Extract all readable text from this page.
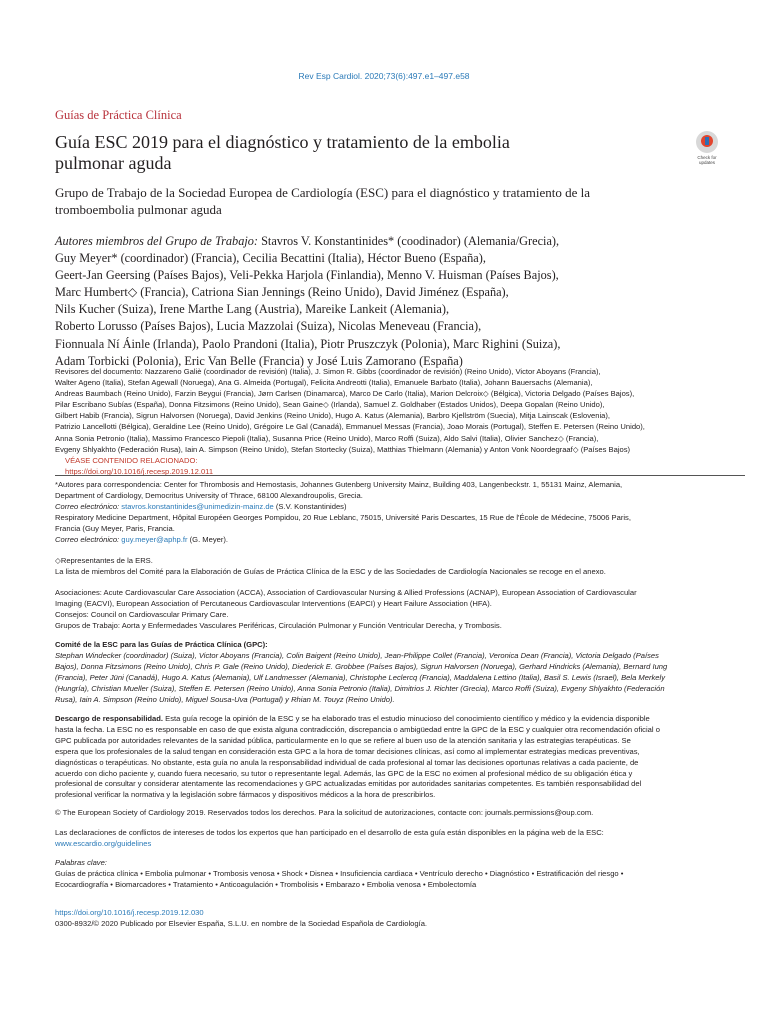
Rev Esp Cardiol. 2020;73(6):497.e1–497.e58
Guías de Práctica Clínica
Guía ESC 2019 para el diagnóstico y tratamiento de la embolia
pulmonar aguda	Check for updates
Grupo de Trabajo de la Sociedad Europea de Cardiología (ESC) para el diagnóstico y tratamiento de la
tromboembolia pulmonar aguda
Autores miembros del Grupo de Trabajo: Stavros V. Konstantinides* (coodinador) (Alemania/Grecia),
Guy Meyer* (coordinador) (Francia), Cecilia Becattini (Italia), Héctor Bueno (España),
Geert-Jan Geersing (Países Bajos), Veli-Pekka Harjola (Finlandia), Menno V. Huisman (Países Bajos),
Marc Humbert◇ (Francia), Catriona Sian Jennings (Reino Unido), David Jiménez (España),
Nils Kucher (Suiza), Irene Marthe Lang (Austria), Mareike Lankeit (Alemania),
Roberto Lorusso (Países Bajos), Lucia Mazzolai (Suiza), Nicolas Meneveau (Francia),
Fionnuala Ní Áinle (Irlanda), Paolo Prandoni (Italia), Piotr Pruszczyk (Polonia), Marc Righini (Suiza),
Adam Torbicki (Polonia), Eric Van Belle (Francia) y José Luis Zamorano (España)
Revisores del documento: Nazzareno Galiè (coordinador de revisión) (Italia), J. Simon R. Gibbs (coordinador de revisión) (Reino Unido), Victor Aboyans (Francia),
Walter Ageno (Italia), Stefan Agewall (Noruega), Ana G. Almeida (Portugal), Felicita Andreotti (Italia), Emanuele Barbato (Italia), Johann Bauersachs (Alemania),
Andreas Baumbach (Reino Unido), Farzin Beygui (Francia), Jørn Carlsen (Dinamarca), Marco De Carlo (Italia), Marion Delcroix◇ (Bélgica), Victoria Delgado (Países Bajos),
Pilar Escribano Subías (España), Donna Fitzsimons (Reino Unido), Sean Gaine◇ (Irlanda), Samuel Z. Goldhaber (Estados Unidos), Deepa Gopalan (Reino Unido),
Gilbert Habib (Francia), Sigrun Halvorsen (Noruega), David Jenkins (Reino Unido), Hugo A. Katus (Alemania), Barbro Kjellström (Suecia), Mitja Lainscak (Eslovenia),
Patrizio Lancellotti (Bélgica), Geraldine Lee (Reino Unido), Grégoire Le Gal (Canadá), Emmanuel Messas (Francia), Joao Morais (Portugal), Steffen E. Petersen (Reino Unido),
Anna Sonia Petronio (Italia), Massimo Francesco Piepoli (Italia), Susanna Price (Reino Unido), Marco Roffi (Suiza), Aldo Salvi (Italia), Olivier Sanchez◇ (Francia),
Evgeny Shlyakhto (Federación Rusa), Iain A. Simpson (Reino Unido), Stefan Stortecky (Suiza), Matthias Thielmann (Alemania) y Anton Vonk Noordegraaf◇ (Países Bajos)
VÉASE CONTENIDO RELACIONADO:
https://doi.org/10.1016/j.recesp.2019.12.011
*Autores para correspondencia: Center for Thrombosis and Hemostasis, Johannes Gutenberg University Mainz, Building 403, Langenbeckstr. 1, 55131 Mainz, Alemania,
Department of Cardiology, Democritus University of Thrace, 68100 Alexandroupolis, Grecia.
Correo electrónico: stavros.konstantinides@unimedizin-mainz.de (S.V. Konstantinides)
Respiratory Medicine Department, Hôpital Européen Georges Pompidou, 20 Rue Leblanc, 75015, Université Paris Descartes, 15 Rue de l'École de Médecine, 75006 Paris,
Francia (Guy Meyer, Paris, Francia.
Correo electrónico: guy.meyer@aphp.fr (G. Meyer).
◇Representantes de la ERS.
La lista de miembros del Comité para la Elaboración de Guías de Práctica Clínica de la ESC y de las Sociedades de Cardiología Nacionales se recoge en el anexo.
Asociaciones: Acute Cardiovascular Care Association (ACCA), Association of Cardiovascular Nursing & Allied Professions (ACNAP), European Association of Cardiovascular
Imaging (EACVI), European Association of Percutaneous Cardiovascular Interventions (EAPCI) y Heart Failure Association (HFA).
Consejos: Council on Cardiovascular Primary Care.
Grupos de Trabajo: Aorta y Enfermedades Vasculares Periféricas, Circulación Pulmonar y Función Ventricular Derecha, y Trombosis.
Comité de la ESC para las Guías de Práctica Clínica (GPC):
Stephan Windecker (coordinador) (Suiza), Victor Aboyans (Francia), Colin Baigent (Reino Unido), Jean-Philippe Collet (Francia), Veronica Dean (Francia), Victoria Delgado (Países
Bajos), Donna Fitzsimons (Reino Unido), Chris P. Gale (Reino Unido), Diederick E. Grobbee (Países Bajos), Sigrun Halvorsen (Noruega), Gerhard Hindricks (Alemania), Bernard Iung
(Francia), Peter Jüni (Canadá), Hugo A. Katus (Alemania), Ulf Landmesser (Alemania), Christophe Leclercq (Francia), Maddalena Lettino (Italia), Basil S. Lewis (Israel), Bela Merkely
(Hungría), Christian Mueller (Suiza), Steffen E. Petersen (Reino Unido), Anna Sonia Petronio (Italia), Dimitrios J. Richter (Grecia), Marco Roffi (Suiza), Evgeny Shlyakhto (Federación
Rusa), Iain A. Simpson (Reino Unido), Miguel Sousa-Uva (Portugal) y Rhian M. Touyz (Reino Unido).
Descargo de responsabilidad. Esta guía recoge la opinión de la ESC y se ha elaborado tras el estudio minucioso del conocimiento científico y médico y la evidencia disponible
hasta la fecha. La ESC no es responsable en caso de que exista alguna contradicción, discrepancia o ambigüedad entre la GPC de la ESC y cualquier otra recomendación oficial o
GPC publicada por autoridades relevantes de la sanidad pública, particularmente en lo que se refiere al buen uso de la atención sanitaria y las estrategias terapéuticas. Se
espera que los profesionales de la salud tengan en consideración esta GPC a la hora de tomar decisiones clínicas, así como al implementar estrategias medicas preventivas,
diagnósticas o terapéuticas. No obstante, esta guía no anula la responsabilidad individual de cada profesional al tomar las decisiones oportunas relativas a cada paciente, de
acuerdo con dicho paciente y, cuando fuera necesario, su tutor o representante legal. Además, las GPC de la ESC no eximen al profesional médico de su obligación ética y
profesional de consultar y considerar atentamente las recomendaciones y GPC actualizadas emitidas por autoridades sanitarias competentes. Es también responsabilidad del
profesional verificar la normativa y la legislación sobre fármacos y dispositivos médicos a la hora de prescribirlos.
© The European Society of Cardiology 2019. Reservados todos los derechos. Para la solicitud de autorizaciones, contacte con: journals.permissions@oup.com.
Las declaraciones de conflictos de intereses de todos los expertos que han participado en el desarrollo de esta guía están disponibles en la página web de la ESC:
www.escardio.org/guidelines
Palabras clave:
Guías de práctica clínica • Embolia pulmonar • Trombosis venosa • Shock • Disnea • Insuficiencia cardiaca • Ventrículo derecho • Diagnóstico • Estratificación del riesgo •
Ecocardiografía • Biomarcadores • Tratamiento • Anticoagulación • Trombolisis • Embarazo • Embolia venosa • Embolectomía
https://doi.org/10.1016/j.recesp.2019.12.030
0300-8932/© 2020 Publicado por Elsevier España, S.L.U. en nombre de la Sociedad Española de Cardiología.
